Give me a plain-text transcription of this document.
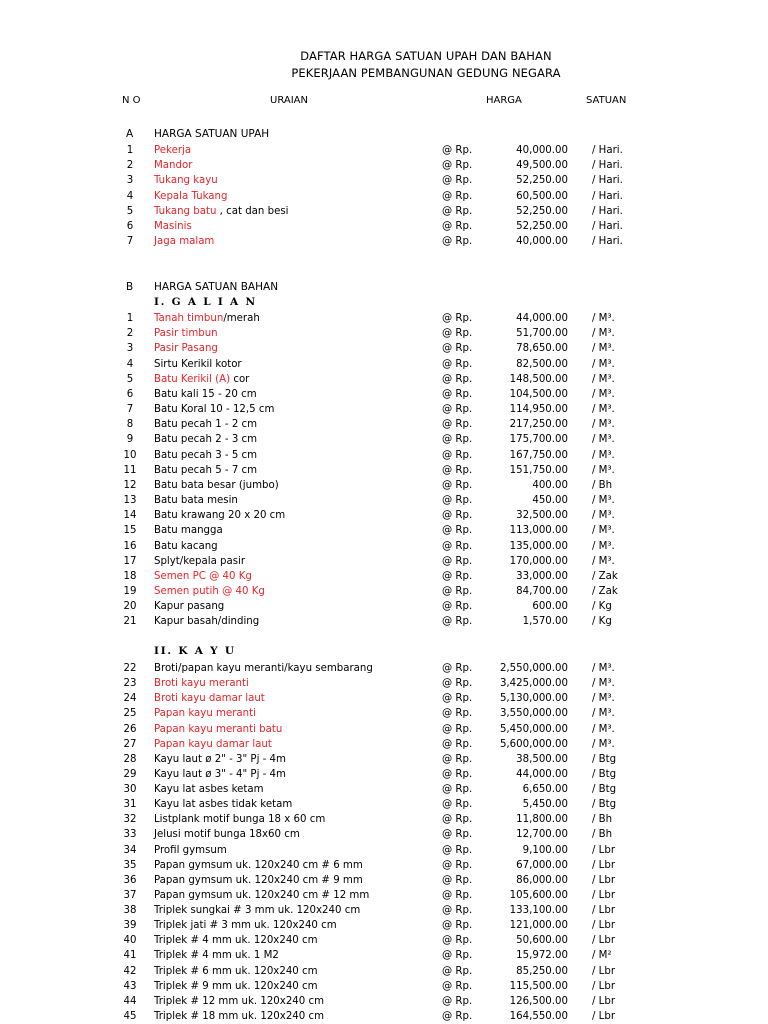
DAFTAR HARGA SATUAN UPAH DAN BAHAN
PEKERJAAN PEMBANGUNAN GEDUNG NEGARA
N O	URAIAN	HARGA	SATUAN
A HARGA SATUAN UPAH
1	Pekerja	@ Rp.	40,000.00 / Hari.
2	Mandor	@ Rp.	49,500.00 / Hari.
3	Tukang kayu	@ Rp.	52,250.00 / Hari.
4	Kepala Tukang	@ Rp.	60,500.00 / Hari.
5	Tukang batu , cat dan besi	@ Rp.	52,250.00 / Hari.
6	Masinis	@ Rp.	52,250.00 / Hari.
7	Jaga malam	@ Rp.	40,000.00 / Hari.
B HARGA SATUAN BAHAN
I. G A L I A N
1	Tanah timbun/merah	@ Rp.	44,000.00 / M³.
2	Pasir timbun	@ Rp.	51,700.00 / M³.
3	Pasir Pasang	@ Rp.	78,650.00 / M³.
4	Sirtu Kerikil kotor	@ Rp.	82,500.00 / M³.
5	Batu Kerikil (A) cor	@ Rp.	148,500.00 / M³.
6	Batu kali 15 - 20 cm	@ Rp.	104,500.00 / M³.
7	Batu Koral 10 - 12,5 cm	@ Rp.	114,950.00 / M³.
8	Batu pecah 1 - 2 cm	@ Rp.	217,250.00 / M³.
9	Batu pecah 2 - 3 cm	@ Rp.	175,700.00 / M³.
10	Batu pecah 3 - 5 cm	@ Rp.	167,750.00 / M³.
11	Batu pecah 5 - 7 cm	@ Rp.	151,750.00 / M³.
12	Batu bata besar (jumbo)	@ Rp.	400.00 / Bh
13	Batu bata mesin	@ Rp.	450.00 / M³.
14	Batu krawang 20 x 20 cm	@ Rp.	32,500.00 / M³.
15	Batu mangga	@ Rp.	113,000.00 / M³.
16	Batu kacang	@ Rp.	135,000.00 / M³.
17	Splyt/kepala pasir	@ Rp.	170,000.00 / M³.
18	Semen PC @ 40 Kg	@ Rp.	33,000.00 / Zak
19	Semen putih @ 40 Kg	@ Rp.	84,700.00 / Zak
20	Kapur pasang	@ Rp.	600.00 / Kg
21	Kapur basah/dinding	@ Rp.	1,570.00 / Kg
II. K A Y U
22	Broti/papan kayu meranti/kayu sembarang	@ Rp.	2,550,000.00 / M³.
23	Broti kayu meranti	@ Rp.	3,425,000.00 / M³.
24	Broti kayu damar laut	@ Rp.	5,130,000.00 / M³.
25	Papan kayu meranti	@ Rp.	3,550,000.00 / M³.
26	Papan kayu meranti batu	@ Rp.	5,450,000.00 / M³.
27	Papan kayu damar laut	@ Rp.	5,600,000.00 / M³.
28	Kayu laut ø 2" - 3" Pj - 4m	@ Rp.	38,500.00 / Btg
29	Kayu laut ø 3" - 4" Pj - 4m	@ Rp.	44,000.00 / Btg
30	Kayu lat asbes ketam	@ Rp.	6,650.00 / Btg
31	Kayu lat asbes tidak ketam	@ Rp.	5,450.00 / Btg
32	Listplank motif bunga 18 x 60 cm	@ Rp.	11,800.00 / Bh
33	Jelusi motif bunga 18x60 cm	@ Rp.	12,700.00 / Bh
34	Profil gymsum	@ Rp.	9,100.00 / Lbr
35	Papan gymsum uk. 120x240 cm # 6 mm	@ Rp.	67,000.00 / Lbr
36	Papan gymsum uk. 120x240 cm # 9 mm	@ Rp.	86,000.00 / Lbr
37	Papan gymsum uk. 120x240 cm # 12 mm	@ Rp.	105,600.00 / Lbr
38	Triplek sungkai # 3 mm uk. 120x240 cm	@ Rp.	133,100.00 / Lbr
39	Triplek jati # 3 mm uk. 120x240 cm	@ Rp.	121,000.00 / Lbr
40	Triplek # 4 mm uk. 120x240 cm	@ Rp.	50,600.00 / Lbr
41	Triplek # 4 mm uk. 1 M2	@ Rp.	15,972.00 / M²
42	Triplek # 6 mm uk. 120x240 cm	@ Rp.	85,250.00 / Lbr
43	Triplek # 9 mm uk. 120x240 cm	@ Rp.	115,500.00 / Lbr
44	Triplek # 12 mm uk. 120x240 cm	@ Rp.	126,500.00 / Lbr
45	Triplek # 18 mm uk. 120x240 cm	@ Rp.	164,550.00 / Lbr
